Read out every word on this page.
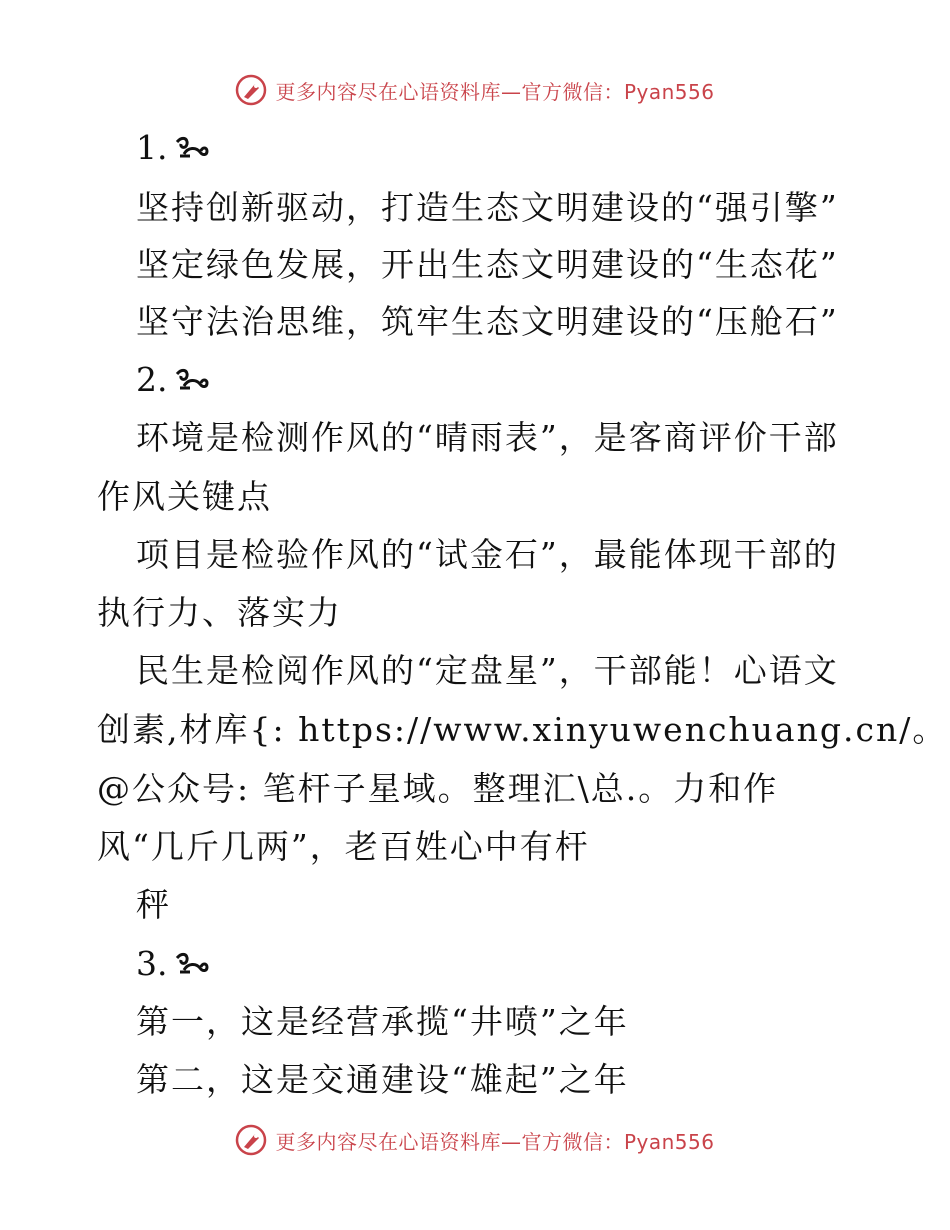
更多内容尽在心语资料库—官方微信：Pyan556
1.
坚持创新驱动，打造生态文明建设的“强引擎”
坚定绿色发展，开出生态文明建设的“生态花”
坚守法治思维，筑牢生态文明建设的“压舱石”
2.
环境是检测作风的“晴雨表”，是客商评价干部
作风关键点
项目是检验作风的“试金石”，最能体现干部的
执行力、落实力
民生是检阅作风的“定盘星”，干部能！心语文
创素,材库{: https://www.xinyuwenchuang.cn/。
@公众号: 笔杆子星域。整理汇\总.。力和作
风“几斤几两”，老百姓心中有杆
秤
3.
第一，这是经营承揽“井喷”之年
第二，这是交通建设“雄起”之年
更多内容尽在心语资料库—官方微信：Pyan556
